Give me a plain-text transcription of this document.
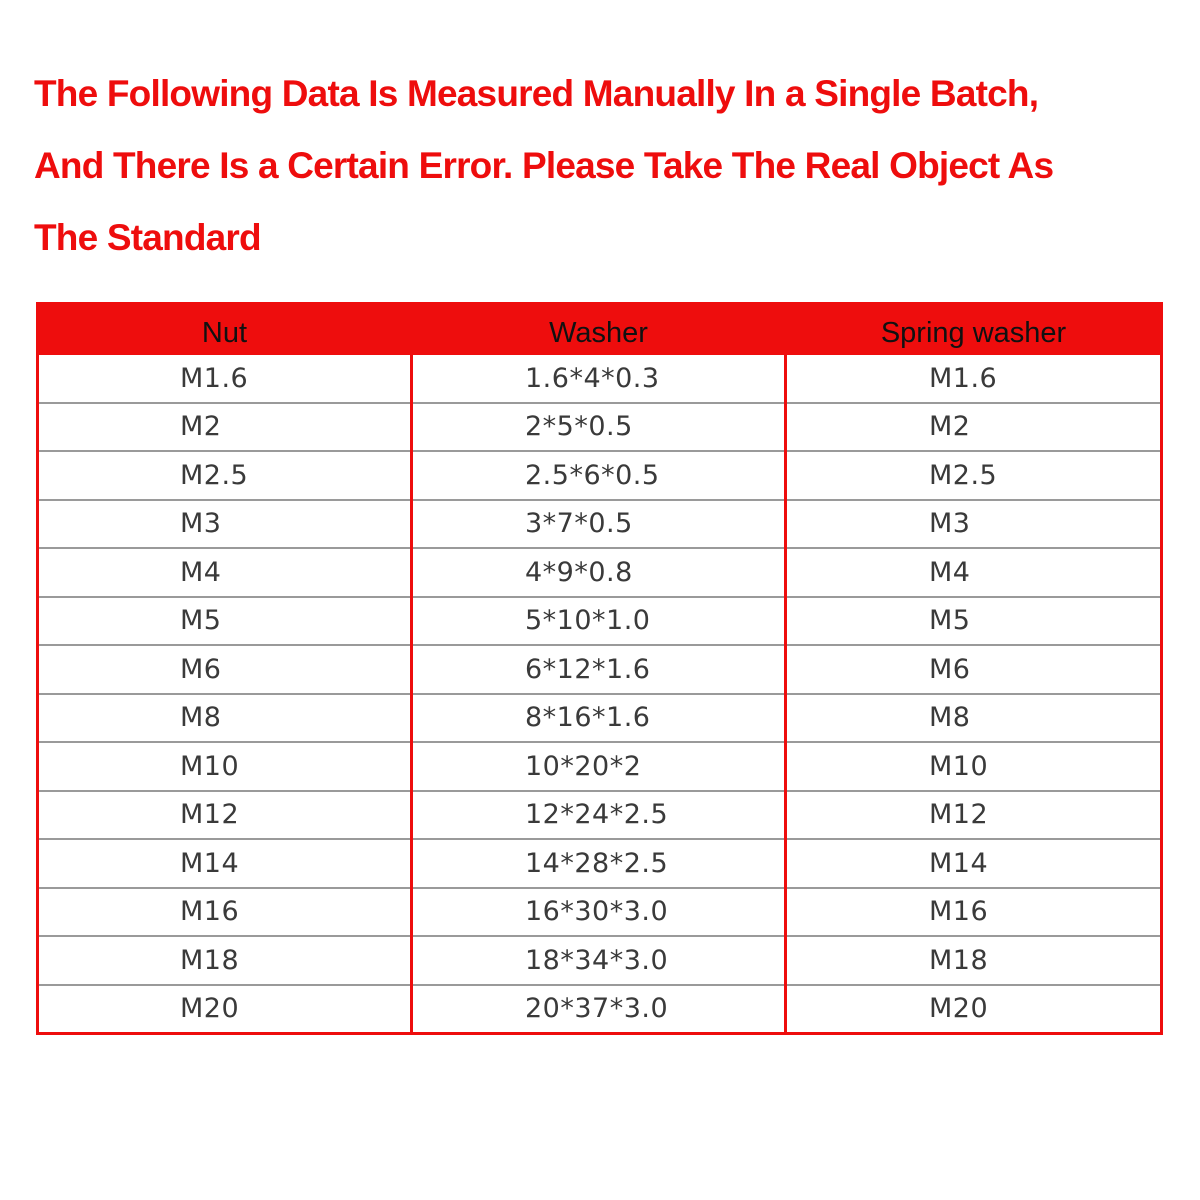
The Following Data Is Measured Manually In a Single Batch,
And There Is a Certain Error. Please Take The Real Object As
The Standard
Nut	Washer	Spring washer
M1.6	1.6*4*0.3	M1.6
M2	2*5*0.5	M2
M2.5	2.5*6*0.5	M2.5
M3	3*7*0.5	M3
M4	4*9*0.8	M4
M5	5*10*1.0	M5
M6	6*12*1.6	M6
M8	8*16*1.6	M8
M10	10*20*2	M10
M12	12*24*2.5	M12
M14	14*28*2.5	M14
M16	16*30*3.0	M16
M18	18*34*3.0	M18
M20	20*37*3.0	M20
